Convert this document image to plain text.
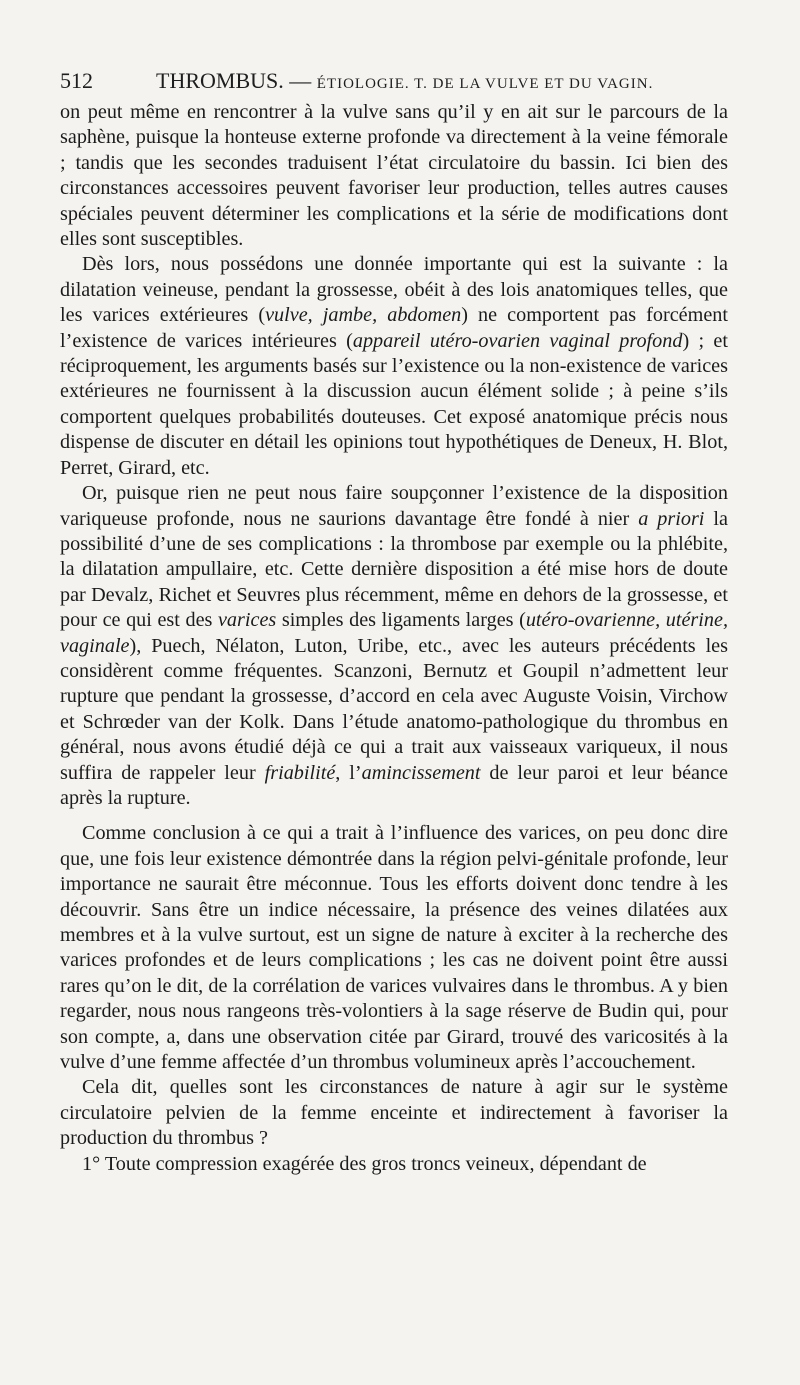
512	THROMBUS. — ÉTIOLOGIE. T. DE LA VULVE ET DU VAGIN.

on peut même en rencontrer à la vulve sans qu’il y en ait sur le parcours de la saphène, puisque la honteuse externe profonde va directement à la veine fémorale ; tandis que les secondes traduisent l’état circulatoire du bassin. Ici bien des circonstances accessoires peuvent favoriser leur production, telles autres causes spéciales peuvent déterminer les complications et la série de modifications dont elles sont susceptibles.

Dès lors, nous possédons une donnée importante qui est la suivante : la dilatation veineuse, pendant la grossesse, obéit à des lois anatomiques telles, que les varices extérieures (vulve, jambe, abdomen) ne comportent pas forcément l’existence de varices intérieures (appareil utéro-ovarien vaginal profond) ; et réciproquement, les arguments basés sur l’existence ou la non-existence de varices extérieures ne fournissent à la discussion aucun élément solide ; à peine s’ils comportent quelques probabilités douteuses. Cet exposé anatomique précis nous dispense de discuter en détail les opinions tout hypothétiques de Deneux, H. Blot, Perret, Girard, etc.

Or, puisque rien ne peut nous faire soupçonner l’existence de la disposition variqueuse profonde, nous ne saurions davantage être fondé à nier a priori la possibilité d’une de ses complications : la thrombose par exemple ou la phlébite, la dilatation ampullaire, etc. Cette dernière disposition a été mise hors de doute par Devalz, Richet et Seuvres plus récemment, même en dehors de la grossesse, et pour ce qui est des varices simples des ligaments larges (utéro-ovarienne, utérine, vaginale), Puech, Nélaton, Luton, Uribe, etc., avec les auteurs précédents les considèrent comme fréquentes. Scanzoni, Bernutz et Goupil n’admettent leur rupture que pendant la grossesse, d’accord en cela avec Auguste Voisin, Virchow et Schrœder van der Kolk. Dans l’étude anatomo-pathologique du thrombus en général, nous avons étudié déjà ce qui a trait aux vaisseaux variqueux, il nous suffira de rappeler leur friabilité, l’amincissement de leur paroi et leur béance après la rupture.

Comme conclusion à ce qui a trait à l’influence des varices, on peu donc dire que, une fois leur existence démontrée dans la région pelvi-génitale profonde, leur importance ne saurait être méconnue. Tous les efforts doivent donc tendre à les découvrir. Sans être un indice nécessaire, la présence des veines dilatées aux membres et à la vulve surtout, est un signe de nature à exciter à la recherche des varices profondes et de leurs complications ; les cas ne doivent point être aussi rares qu’on le dit, de la corrélation de varices vulvaires dans le thrombus. A y bien regarder, nous nous rangeons très-volontiers à la sage réserve de Budin qui, pour son compte, a, dans une observation citée par Girard, trouvé des varicosités à la vulve d’une femme affectée d’un thrombus volumineux après l’accouchement.

Cela dit, quelles sont les circonstances de nature à agir sur le système circulatoire pelvien de la femme enceinte et indirectement à favoriser la production du thrombus ?

1° Toute compression exagérée des gros troncs veineux, dépendant de
